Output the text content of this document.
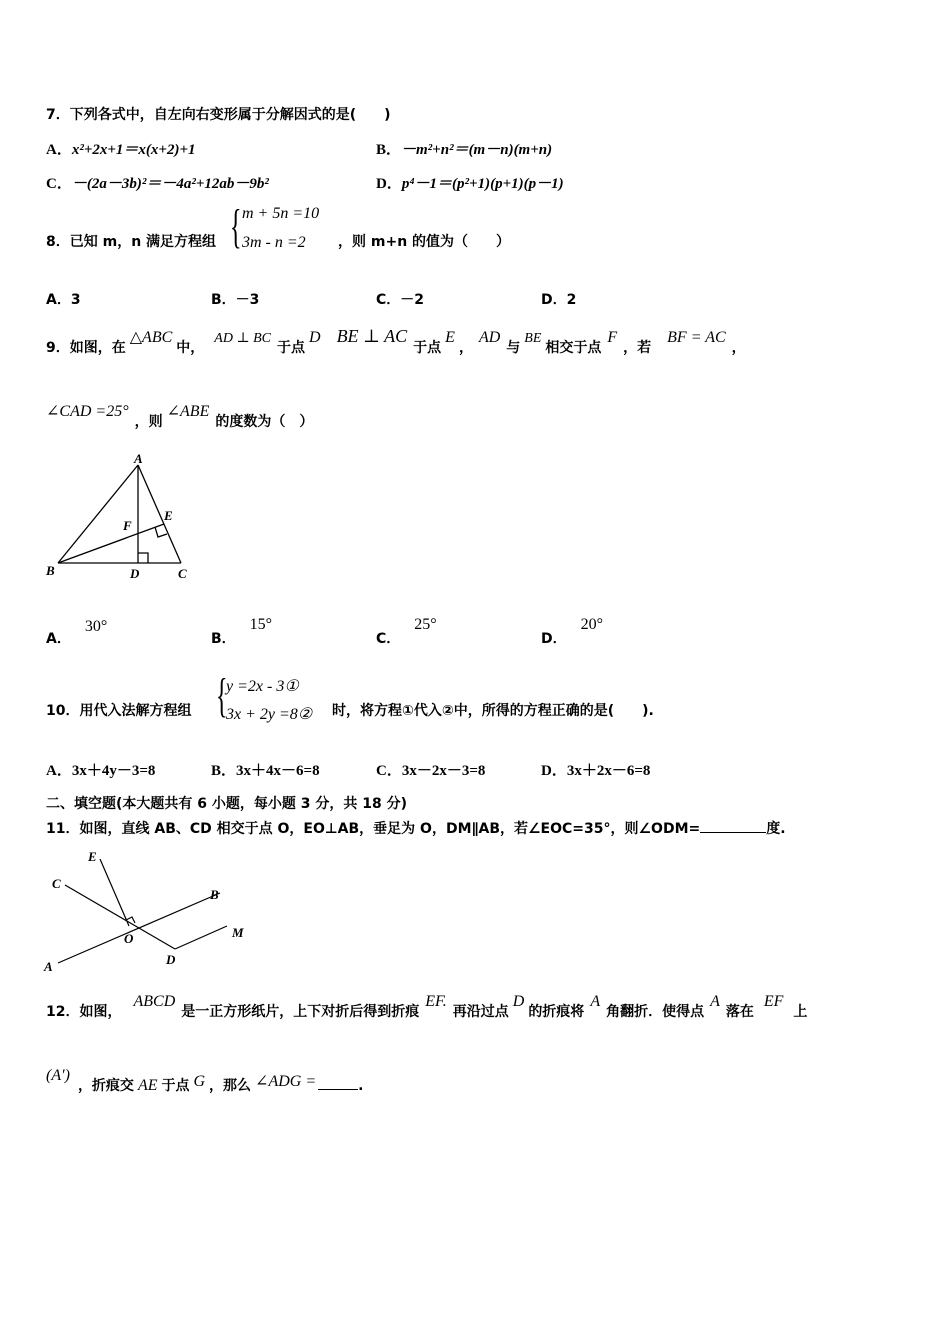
7．下列各式中，自左向右变形属于分解因式的是(　　)
A．x²+2x+1＝x(x+2)+1	B．－m²+n²＝(m－n)(m+n)
C．－(2a－3b)²＝－4a²+12ab－9b²	D．p⁴－1＝(p²+1)(p+1)(p－1)
8．已知 m，n 满足方程组 { m + 5n =10
3m - n =2 ，则 m+n 的值为（　　）
A．3	B．－3	C．－2	D．2
9．如图，在△ABC中，AD ⊥ BC于点D BE ⊥ AC于点E，AD与BE相交于点F，若BF = AC，
∠CAD =25°，则∠ABE的度数为（　）
A
B	C
D
E
F
A．30°
B．15°
C．25°
D．20°
10．用代入法解方程组 {
y =2x - 3①
3x + 2y =8② 时，将方程①代入②中，所得的方程正确的是(　　).
A．3x＋4y－3=8	B．3x＋4x－6=8	C．3x－2x－3=8	D．3x＋2x－6=8
二、填空题(本大题共有 6 小题，每小题 3 分，共 18 分)
11．如图，直线 AB、CD 相交于点 O，EO⊥AB，垂足为 O，DM∥AB，若∠EOC=35°，则∠ODM=	度.
E
C
B
O	M
A	D
12．如图，ABCD是一正方形纸片，上下对折后得到折痕EF.再沿过点D的折痕将A角翻折．使得点A落在EF上
(A′)，折痕交 AE 于点 G ，那么 ∠ADG =	.
